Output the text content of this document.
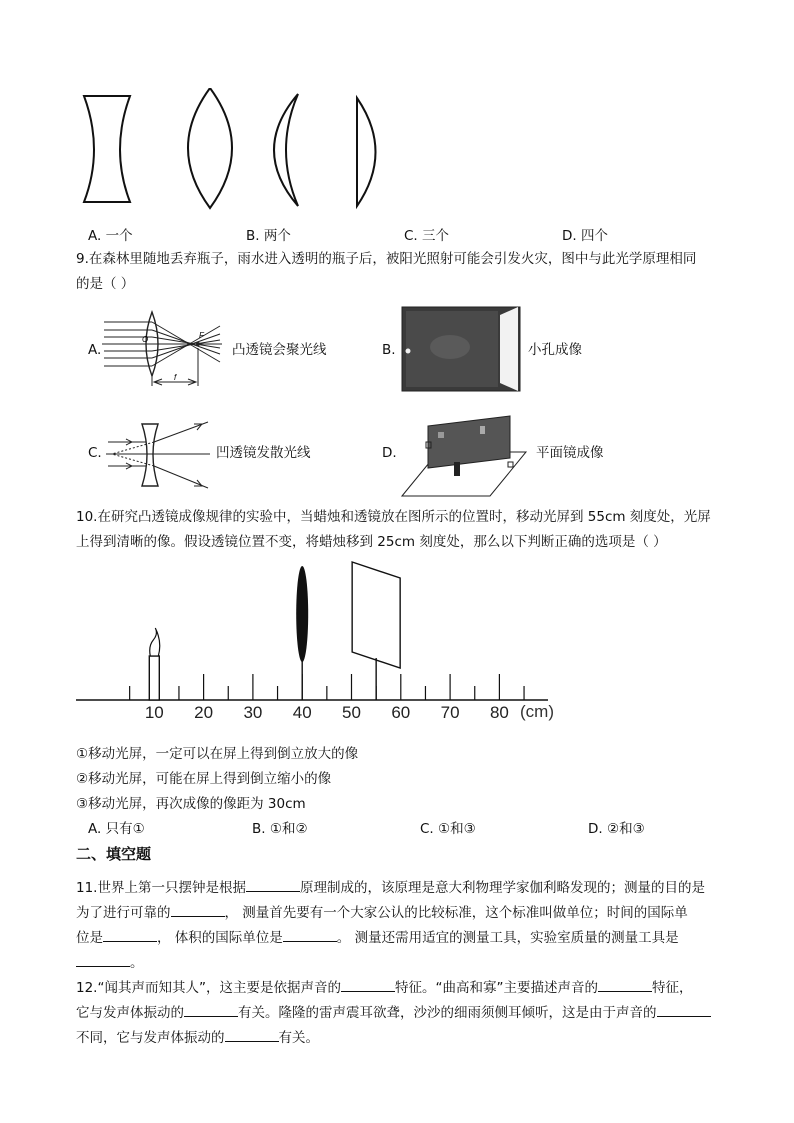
A. 一个	B. 两个	C. 三个	D. 四个
9.在森林里随地丢弃瓶子，雨水进入透明的瓶子后，被阳光照射可能会引发火灾，图中与此光学原理相同
的是（ ）
A.
F
O
f
凸透镜会聚光线	B.	小孔成像
C.	凹透镜发散光线	D.	平面镜成像
10.在研究凸透镜成像规律的实验中，当蜡烛和透镜放在图所示的位置时，移动光屏到 55cm 刻度处，光屏
上得到清晰的像。假设透镜位置不变，将蜡烛移到 25cm 刻度处，那么以下判断正确的选项是（ ）
10 20 30 40 50 60 70 80 (cm)
①移动光屏，一定可以在屏上得到倒立放大的像
②移动光屏，可能在屏上得到倒立缩小的像
③移动光屏，再次成像的像距为 30cm
A. 只有①	B. ①和②	C. ①和③	D. ②和③
二、填空题
11.世界上第一只摆钟是根据	原理制成的，该原理是意大利物理学家伽利略发现的；测量的目的是
为了进行可靠的	， 测量首先要有一个大家公认的比较标准，这个标准叫做单位；时间的国际单
位是	， 体积的国际单位是	。 测量还需用适宜的测量工具，实验室质量的测量工具是
。
12.“闻其声而知其人”，这主要是依据声音的	特征。“曲高和寡”主要描述声音的	特征，
它与发声体振动的	有关。隆隆的雷声震耳欲聋，沙沙的细雨须侧耳倾听，这是由于声音的
不同，它与发声体振动的	有关。
